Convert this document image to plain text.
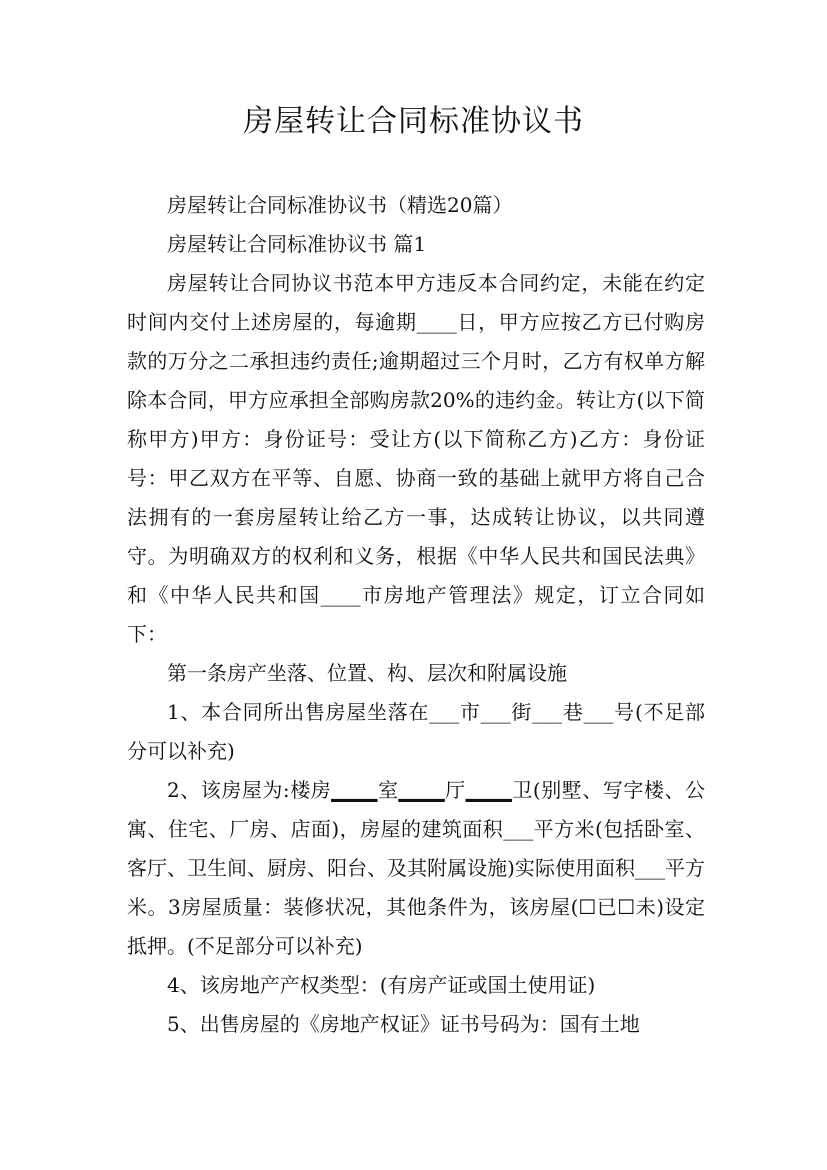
房屋转让合同标准协议书

房屋转让合同标准协议书（精选20篇）

房屋转让合同标准协议书 篇1

房屋转让合同协议书范本甲方违反本合同约定，未能在约定时间内交付上述房屋的，每逾期____日，甲方应按乙方已付购房款的万分之二承担违约责任;逾期超过三个月时，乙方有权单方解除本合同，甲方应承担全部购房款20%的违约金。转让方(以下简称甲方)甲方：身份证号：受让方(以下简称乙方)乙方：身份证号：甲乙双方在平等、自愿、协商一致的基础上就甲方将自己合法拥有的一套房屋转让给乙方一事，达成转让协议，以共同遵守。为明确双方的权利和义务，根据《中华人民共和国民法典》和《中华人民共和国____市房地产管理法》规定，订立合同如下：

第一条房产坐落、位置、构、层次和附属设施

1、本合同所出售房屋坐落在___市___街___巷___号(不足部分可以补充)

2、该房屋为:楼房▁▁▁室▁▁▁厅▁▁▁卫(别墅、写字楼、公寓、住宅、厂房、店面)，房屋的建筑面积___平方米(包括卧室、客厅、卫生间、厨房、阳台、及其附属设施)实际使用面积___平方米。3房屋质量：装修状况，其他条件为，该房屋(☐已☐未)设定抵押。(不足部分可以补充)

4、该房地产产权类型：(有房产证或国土使用证)

5、出售房屋的《房地产权证》证书号码为：国有土地
